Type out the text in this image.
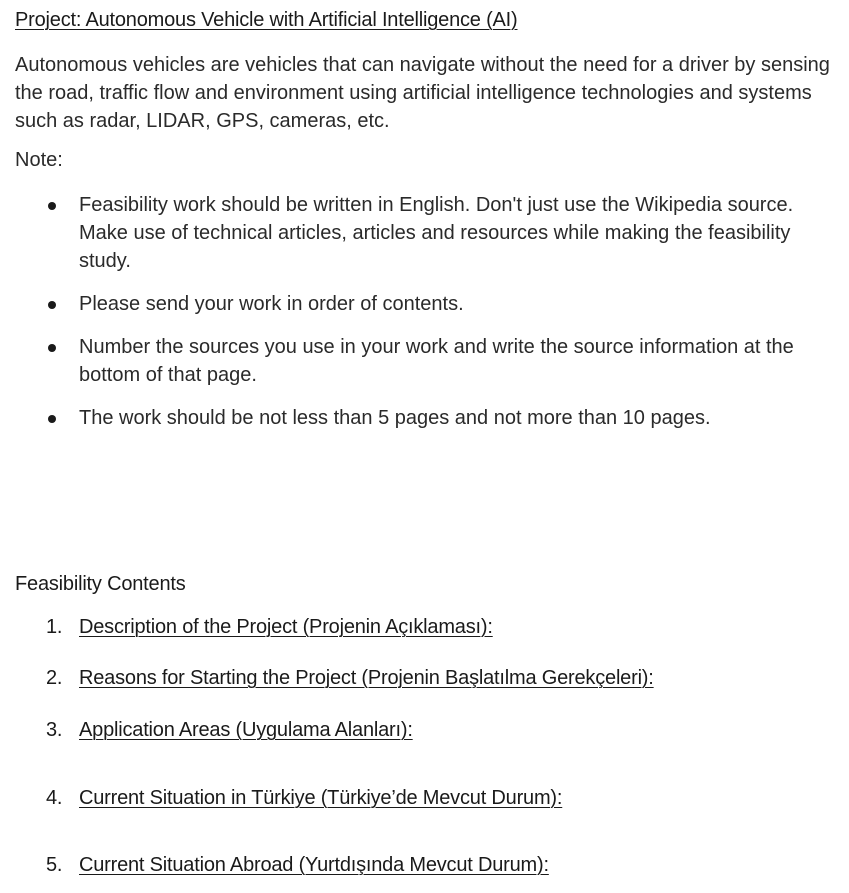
Project: Autonomous Vehicle with Artificial Intelligence (AI)

Autonomous vehicles are vehicles that can navigate without the need for a driver by sensing the road, traffic flow and environment using artificial intelligence technologies and systems such as radar, LIDAR, GPS, cameras, etc.

Note:

Feasibility work should be written in English. Don't just use the Wikipedia source. Make use of technical articles, articles and resources while making the feasibility study.
Please send your work in order of contents.
Number the sources you use in your work and write the source information at the bottom of that page.
The work should be not less than 5 pages and not more than 10 pages.
Feasibility Contents
1. Description of the Project (Projenin Açıklaması):
2. Reasons for Starting the Project (Projenin Başlatılma Gerekçeleri):
3. Application Areas (Uygulama Alanları):
4. Current Situation in Türkiye (Türkiye’de Mevcut Durum):
5. Current Situation Abroad (Yurtdışında Mevcut Durum):
